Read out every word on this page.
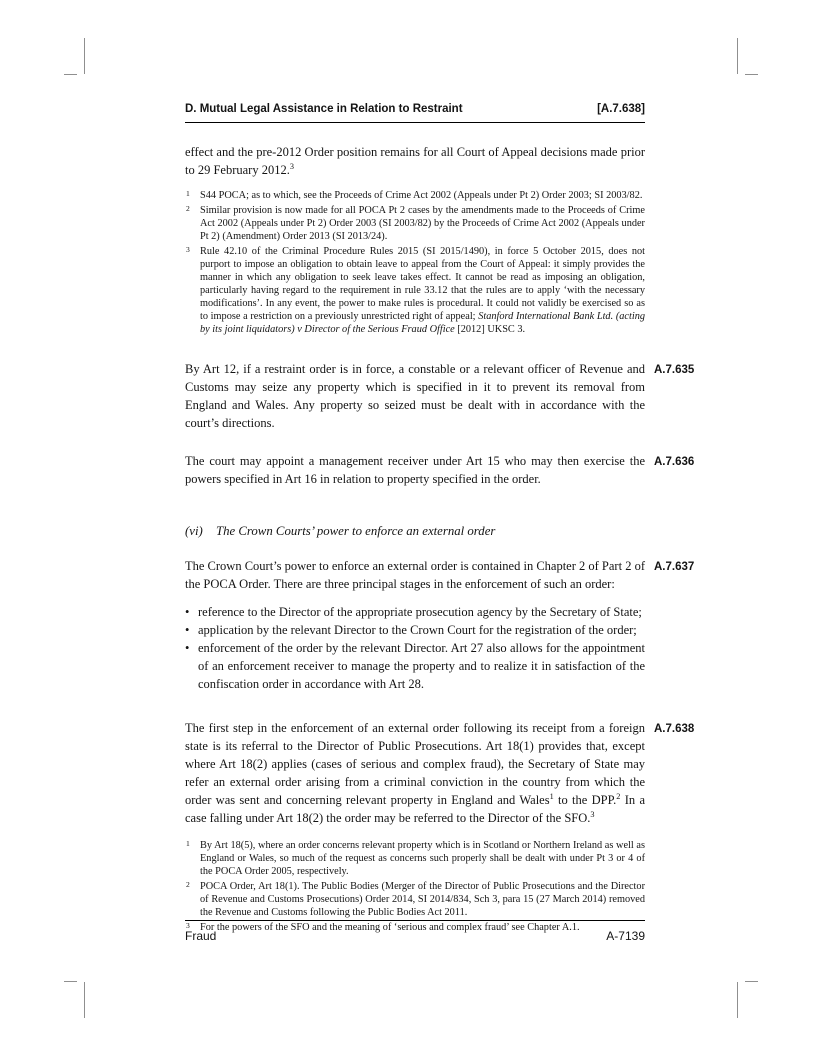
D. Mutual Legal Assistance in Relation to Restraint	[A.7.638]
effect and the pre-2012 Order position remains for all Court of Appeal decisions made prior to 29 February 2012.$^3$
1 S44 POCA; as to which, see the Proceeds of Crime Act 2002 (Appeals under Pt 2) Order 2003; SI 2003/82.
2 Similar provision is now made for all POCA Pt 2 cases by the amendments made to the Proceeds of Crime Act 2002 (Appeals under Pt 2) Order 2003 (SI 2003/82) by the Proceeds of Crime Act 2002 (Appeals under Pt 2) (Amendment) Order 2013 (SI 2013/24).
3 Rule 42.10 of the Criminal Procedure Rules 2015 (SI 2015/1490), in force 5 October 2015, does not purport to impose an obligation to obtain leave to appeal from the Court of Appeal: it simply provides the manner in which any obligation to seek leave takes effect. It cannot be read as imposing an obligation, particularly having regard to the requirement in rule 33.12 that the rules are to apply ‘with the necessary modifications’. In any event, the power to make rules is procedural. It could not validly be exercised so as to impose a restriction on a previously unrestricted right of appeal; Stanford International Bank Ltd. (acting by its joint liquidators) v Director of the Serious Fraud Office [2012] UKSC 3.
A.7.635
By Art 12, if a restraint order is in force, a constable or a relevant officer of Revenue and Customs may seize any property which is specified in it to prevent its removal from England and Wales. Any property so seized must be dealt with in accordance with the court’s directions.
A.7.636
The court may appoint a management receiver under Art 15 who may then exercise the powers specified in Art 16 in relation to property specified in the order.
(vi) The Crown Courts’ power to enforce an external order
A.7.637
The Crown Court’s power to enforce an external order is contained in Chapter 2 of Part 2 of the POCA Order. There are three principal stages in the enforcement of such an order:
• reference to the Director of the appropriate prosecution agency by the Secretary of State;
• application by the relevant Director to the Crown Court for the registration of the order;
• enforcement of the order by the relevant Director. Art 27 also allows for the appointment of an enforcement receiver to manage the property and to realize it in satisfaction of the confiscation order in accordance with Art 28.
A.7.638
The first step in the enforcement of an external order following its receipt from a foreign state is its referral to the Director of Public Prosecutions. Art 18(1) provides that, except where Art 18(2) applies (cases of serious and complex fraud), the Secretary of State may refer an external order arising from a criminal conviction in the country from which the order was sent and concerning relevant property in England and Wales$^1$ to the DPP.$^2$ In a case falling under Art 18(2) the order may be referred to the Director of the SFO.$^3$
1 By Art 18(5), where an order concerns relevant property which is in Scotland or Northern Ireland as well as England or Wales, so much of the request as concerns such properly shall be dealt with under Pt 3 or 4 of the POCA Order 2005, respectively.
2 POCA Order, Art 18(1). The Public Bodies (Merger of the Director of Public Prosecutions and the Director of Revenue and Customs Prosecutions) Order 2014, SI 2014/834, Sch 3, para 15 (27 March 2014) removed the Revenue and Customs following the Public Bodies Act 2011.
3 For the powers of the SFO and the meaning of ‘serious and complex fraud’ see Chapter A.1.
Fraud	A-7139
